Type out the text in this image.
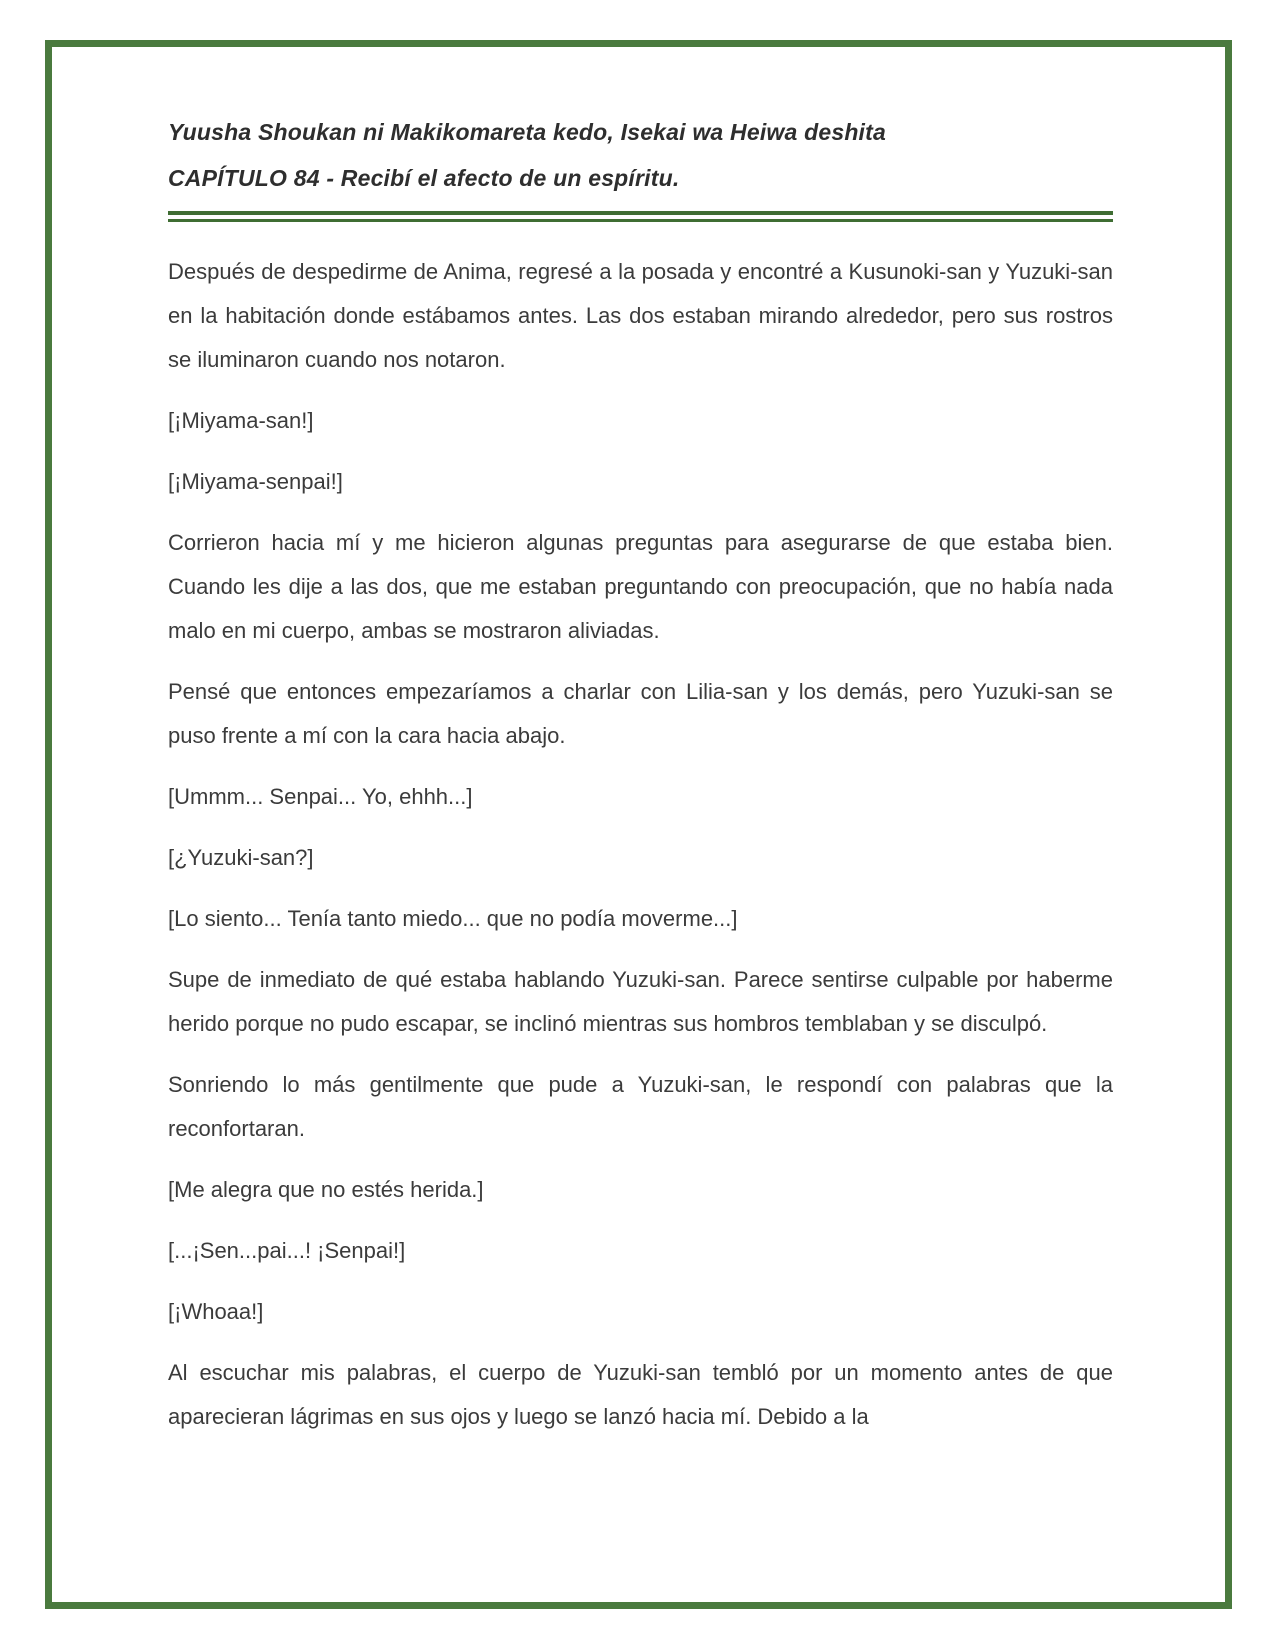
Yuusha Shoukan ni Makikomareta kedo, Isekai wa Heiwa deshita

CAPÍTULO 84 - Recibí el afecto de un espíritu.

Después de despedirme de Anima, regresé a la posada y encontré a Kusunoki-san y Yuzuki-san en la habitación donde estábamos antes. Las dos estaban mirando alrededor, pero sus rostros se iluminaron cuando nos notaron.

[¡Miyama-san!]

[¡Miyama-senpai!]

Corrieron hacia mí y me hicieron algunas preguntas para asegurarse de que estaba bien. Cuando les dije a las dos, que me estaban preguntando con preocupación, que no había nada malo en mi cuerpo, ambas se mostraron aliviadas.

Pensé que entonces empezaríamos a charlar con Lilia-san y los demás, pero Yuzuki-san se puso frente a mí con la cara hacia abajo.

[Ummm... Senpai... Yo, ehhh...]

[¿Yuzuki-san?]

[Lo siento... Tenía tanto miedo... que no podía moverme...]

Supe de inmediato de qué estaba hablando Yuzuki-san. Parece sentirse culpable por haberme herido porque no pudo escapar, se inclinó mientras sus hombros temblaban y se disculpó.

Sonriendo lo más gentilmente que pude a Yuzuki-san, le respondí con palabras que la reconfortaran.

[Me alegra que no estés herida.]

[...¡Sen...pai...! ¡Senpai!]

[¡Whoaa!]

Al escuchar mis palabras, el cuerpo de Yuzuki-san tembló por un momento antes de que aparecieran lágrimas en sus ojos y luego se lanzó hacia mí. Debido a la
